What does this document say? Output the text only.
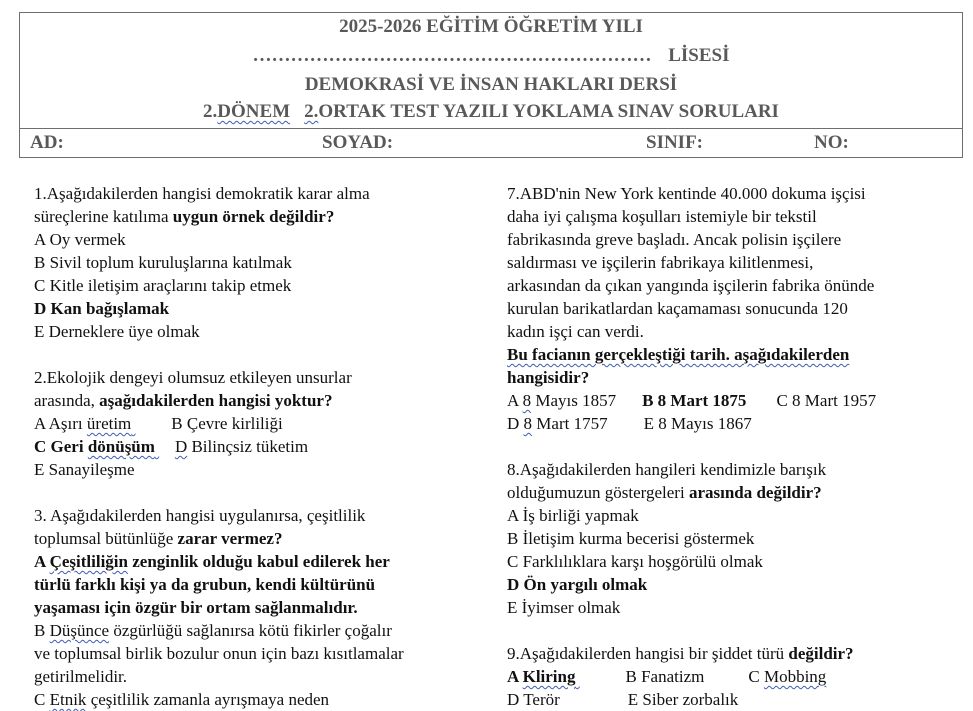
2025-2026 EĞİTİM ÖĞRETİM YILI
……………………………………………………… LİSESİ
DEMOKRASİ VE İNSAN HAKLARI DERSİ
2.DÖNEM 2.ORTAK TEST YAZILI YOKLAMA SINAV SORULARI
AD:	SOYAD:	SINIF:	NO:

1.Aşağıdakilerden hangisi demokratik karar alma

süreçlerine katılıma uygun örnek değildir?

A Oy vermek

B Sivil toplum kuruluşlarına katılmak

C Kitle iletişim araçlarını takip etmek

D Kan bağışlamak

E Derneklere üye olmak

2.Ekolojik dengeyi olumsuz etkileyen unsurlar

arasında, aşağıdakilerden hangisi yoktur?

A Aşırı üretim B Çevre kirliliği

C Geri dönüşüm D Bilinçsiz tüketim

E Sanayileşme

3. Aşağıdakilerden hangisi uygulanırsa, çeşitlilik

toplumsal bütünlüğe zarar vermez?

A Çeşitliliğin zenginlik olduğu kabul edilerek her

türlü farklı kişi ya da grubun, kendi kültürünü

yaşaması için özgür bir ortam sağlanmalıdır.

B Düşünce özgürlüğü sağlanırsa kötü fikirler çoğalır

ve toplumsal birlik bozulur onun için bazı kısıtlamalar

getirilmelidir.

C Etnik çeşitlilik zamanla ayrışmaya neden

7.ABD'nin New York kentinde 40.000 dokuma işçisi

daha iyi çalışma koşulları istemiyle bir tekstil

fabrikasında greve başladı. Ancak polisin işçilere

saldırması ve işçilerin fabrikaya kilitlenmesi,

arkasından da çıkan yangında işçilerin fabrika önünde

kurulan barikatlardan kaçamaması sonucunda 120

kadın işçi can verdi.

Bu facianın gerçekleştiği tarih. aşağıdakilerden

hangisidir?

A 8 Mayıs 1857 B 8 Mart 1875 C 8 Mart 1957

D 8 Mart 1757 E 8 Mayıs 1867

8.Aşağıdakilerden hangileri kendimizle barışık

olduğumuzun göstergeleri arasında değildir?

A İş birliği yapmak

B İletişim kurma becerisi göstermek

C Farklılıklara karşı hoşgörülü olmak

D Ön yargılı olmak

E İyimser olmak

9.Aşağıdakilerden hangisi bir şiddet türü değildir?

A Kliring	B Fanatizm	C Mobbing

D Terör	E Siber zorbalık
